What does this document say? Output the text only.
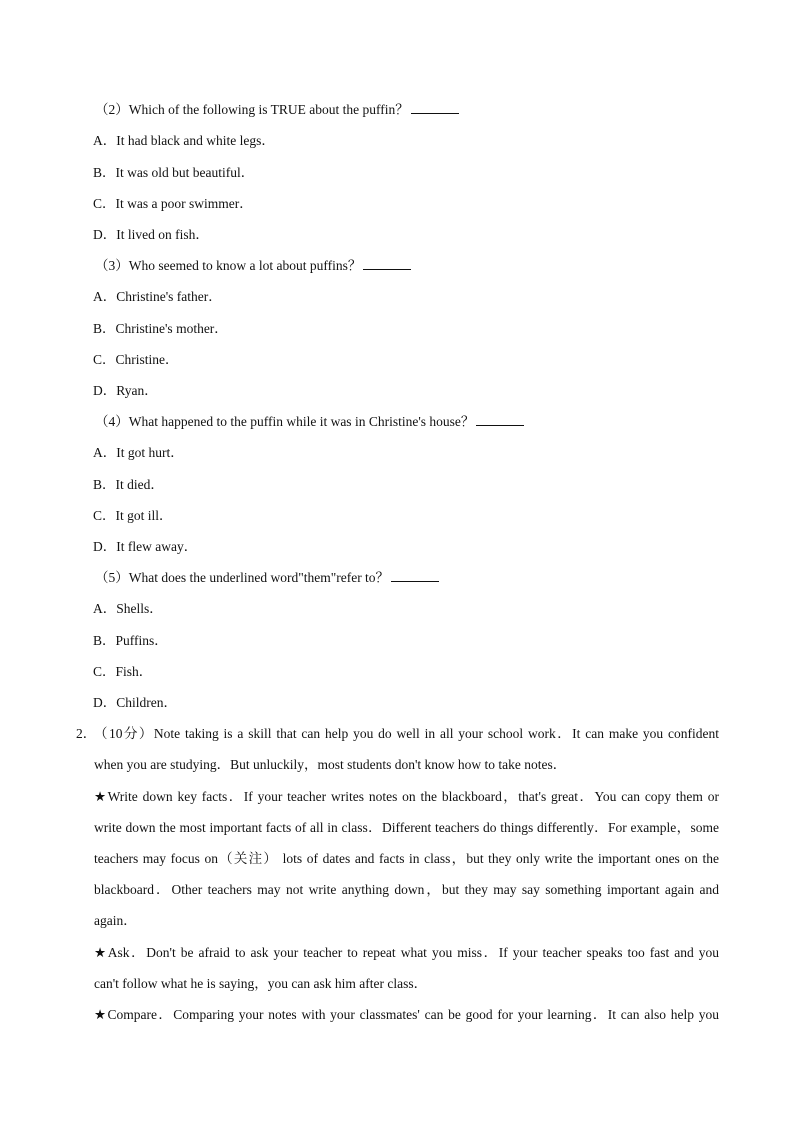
（2）Which of the following is TRUE about the puffin？
A．It had black and white legs．
B．It was old but beautiful．
C．It was a poor swimmer．
D．It lived on fish．
（3）Who seemed to know a lot about puffins？
A．Christine's father．
B．Christine's mother．
C．Christine．
D．Ryan．
（4）What happened to the puffin while it was in Christine's house？
A．It got hurt．
B．It died．
C．It got ill．
D．It flew away．
（5）What does the underlined word"them"refer to？
A．Shells．
B．Puffins．
C．Fish．
D．Children．
2．
（10分）Note taking is a skill that can help you do well in all your school work．It can make you confident
when you are studying．But unluckily，most students don't know how to take notes．
★Write down key facts．If your teacher writes notes on the blackboard，that's great．You can copy them or
write down the most important facts of all in class．Different teachers do things differently．For example，some
teachers may focus on（关注） lots of dates and facts in class，but they only write the important ones on the
blackboard．Other teachers may not write anything down，but they may say something important again and
again．
★Ask．Don't be afraid to ask your teacher to repeat what you miss．If your teacher speaks too fast and you
can't follow what he is saying，you can ask him after class．
★Compare．Comparing your notes with your classmates' can be good for your learning．It can also help you
